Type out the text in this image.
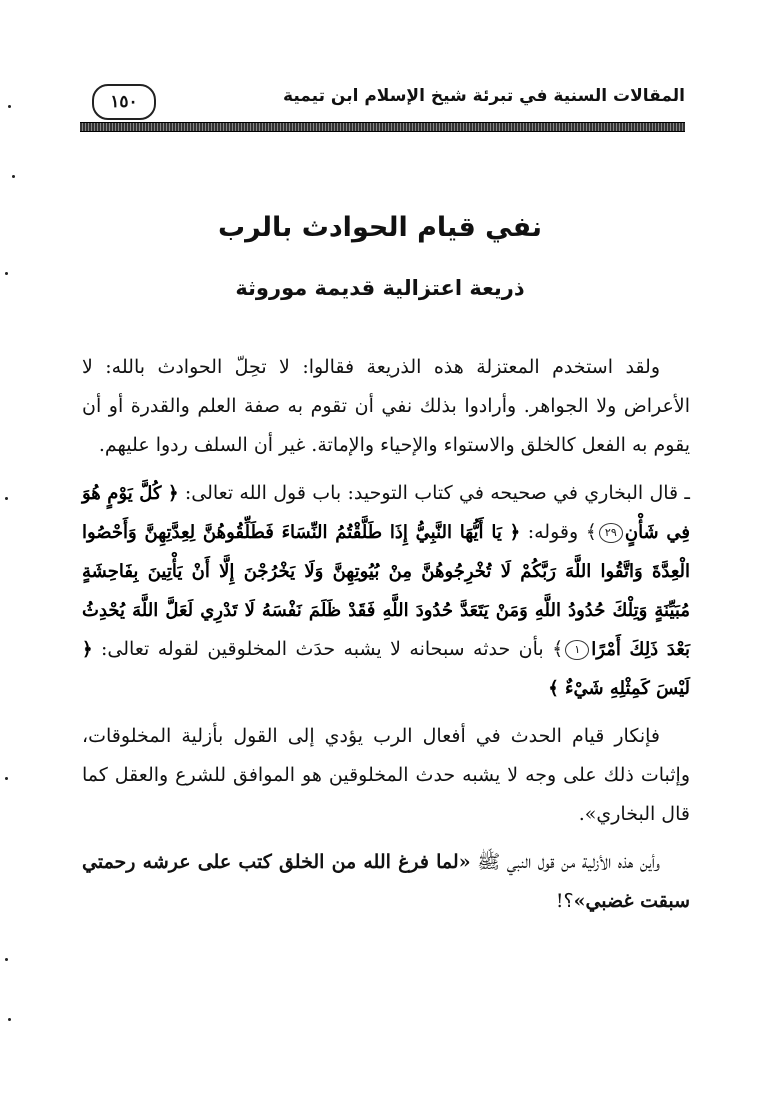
١٥٠	المقالات السنية في تبرئة شيخ الإسلام ابن تيمية
نفي قيام الحوادث بالرب
ذريعة اعتزالية قديمة موروثة

ولقد استخدم المعتزلة هذه الذريعة فقالوا: لا تحِلّ الحوادث بالله: لا الأعراض ولا الجواهر. وأرادوا بذلك نفي أن تقوم به صفة العلم والقدرة أو أن يقوم به الفعل كالخلق والاستواء والإحياء والإماتة. غير أن السلف ردوا عليهم.

ـ قال البخاري في صحيحه في كتاب التوحيد: باب قول الله تعالى: ﴿ كُلَّ يَوْمٍ هُوَ فِي شَأْنٍ٢٩﴾ وقوله: ﴿ يَا أَيُّهَا النَّبِيُّ إِذَا طَلَّقْتُمُ النِّسَاءَ فَطَلِّقُوهُنَّ لِعِدَّتِهِنَّ وَأَحْصُوا الْعِدَّةَ وَاتَّقُوا اللَّهَ رَبَّكُمْ لَا تُخْرِجُوهُنَّ مِنْ بُيُوتِهِنَّ وَلَا يَخْرُجْنَ إِلَّا أَنْ يَأْتِينَ بِفَاحِشَةٍ مُبَيِّنَةٍ وَتِلْكَ حُدُودُ اللَّهِ وَمَنْ يَتَعَدَّ حُدُودَ اللَّهِ فَقَدْ ظَلَمَ نَفْسَهُ لَا تَدْرِي لَعَلَّ اللَّهَ يُحْدِثُ بَعْدَ ذَلِكَ أَمْرًا١﴾ بأن حدثه سبحانه لا يشبه حدَث المخلوقين لقوله تعالى: ﴿ لَيْسَ كَمِثْلِهِ شَيْءٌ ﴾

فإنكار قيام الحدث في أفعال الرب يؤدي إلى القول بأزلية المخلوقات، وإثبات ذلك على وجه لا يشبه حدث المخلوقين هو الموافق للشرع والعقل كما قال البخاري».

وأين هذه الأزلية من قول النبي ﷺ «لما فرغ الله من الخلق كتب على عرشه رحمتي سبقت غضبي»؟!
